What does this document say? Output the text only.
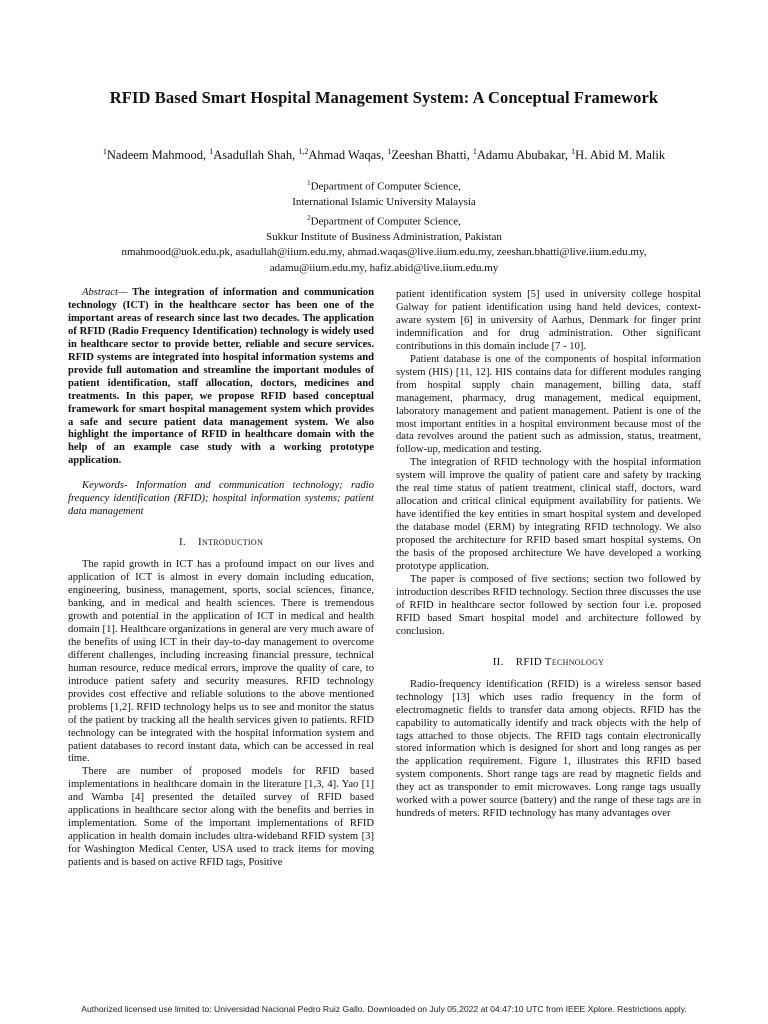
RFID Based Smart Hospital Management System: A Conceptual Framework
$^1$Nadeem Mahmood, $^1$Asadullah Shah, $^{1,2}$Ahmad Waqas, $^1$Zeeshan Bhatti, $^1$Adamu Abubakar, $^1$H. Abid M. Malik
$^1$Department of Computer Science,
International Islamic University Malaysia
$^2$Department of Computer Science,
Sukkur Institute of Business Administration, Pakistan
nmahmood@uok.edu.pk, asadullah@iium.edu.my, ahmad.waqas@live.iium.edu.my, zeeshan.bhatti@live.iium.edu.my,
adamu@iium.edu.my, hafiz.abid@live.iium.edu.my

Abstract— The integration of information and communication technology (ICT) in the healthcare sector has been one of the important areas of research since last two decades. The application of RFID (Radio Frequency Identification) technology is widely used in healthcare sector to provide better, reliable and secure services. RFID systems are integrated into hospital information systems and provide full automation and streamline the important modules of patient identification, staff allocation, doctors, medicines and treatments. In this paper, we propose RFID based conceptual framework for smart hospital management system which provides a safe and secure patient data management system. We also highlight the importance of RFID in healthcare domain with the help of an example case study with a working prototype application.

Keywords- Information and communication technology; radio frequency identification (RFID); hospital information systems; patient data management

I. Introduction

The rapid growth in ICT has a profound impact on our lives and application of ICT is almost in every domain including education, engineering, business, management, sports, social sciences, finance, banking, and in medical and health sciences. There is tremendous growth and potential in the application of ICT in medical and health domain [1]. Healthcare organizations in general are very much aware of the benefits of using ICT in their day-to-day management to overcome different challenges, including increasing financial pressure, technical human resource, reduce medical errors, improve the quality of care, to introduce patient safety and security measures. RFID technology provides cost effective and reliable solutions to the above mentioned problems [1,2]. RFID technology helps us to see and monitor the status of the patient by tracking all the health services given to patients. RFID technology can be integrated with the hospital information system and patient databases to record instant data, which can be accessed in real time.

There are number of proposed models for RFID based implementations in healthcare domain in the literature [1,3, 4]. Yao [1] and Wamba [4] presented the detailed survey of RFID based applications in healthcare sector along with the benefits and berries in implementation. Some of the important implementations of RFID application in health domain includes ultra-wideband RFID system [3] for Washington Medical Center, USA used to track items for moving patients and is based on active RFID tags, Positive

patient identification system [5] used in university college hospital Galway for patient identification using hand held devices, context-aware system [6] in university of Aarhus, Denmark for finger print indemnification and for drug administration. Other significant contributions in this domain include [7 - 10].

Patient database is one of the components of hospital information system (HIS) [11, 12]. HIS contains data for different modules ranging from hospital supply chain management, billing data, staff management, pharmacy, drug management, medical equipment, laboratory management and patient management. Patient is one of the most important entities in a hospital environment because most of the data revolves around the patient such as admission, status, treatment, follow-up, medication and testing.

The integration of RFID technology with the hospital information system will improve the quality of patient care and safety by tracking the real time status of patient treatment, clinical staff, doctors, ward allocation and critical clinical equipment availability for patients. We have identified the key entities in smart hospital system and developed the database model (ERM) by integrating RFID technology. We also proposed the architecture for RFID based smart hospital systems. On the basis of the proposed architecture We have developed a working prototype application.

The paper is composed of five sections; section two followed by introduction describes RFID technology. Section three discusses the use of RFID in healthcare sector followed by section four i.e. proposed RFID based Smart hospital model and architecture followed by conclusion.

II. RFID Technology

Radio-frequency identification (RFID) is a wireless sensor based technology [13] which uses radio frequency in the form of electromagnetic fields to transfer data among objects. RFID has the capability to automatically identify and track objects with the help of tags attached to those objects. The RFID tags contain electronically stored information which is designed for short and long ranges as per the application requirement. Figure 1, illustrates this RFID based system components. Short range tags are read by magnetic fields and they act as transponder to emit microwaves. Long range tags usually worked with a power source (battery) and the range of these tags are in hundreds of meters. RFID technology has many advantages over

Authorized licensed use limited to: Universidad Nacional Pedro Ruiz Gallo. Downloaded on July 05,2022 at 04:47:10 UTC from IEEE Xplore. Restrictions apply.
